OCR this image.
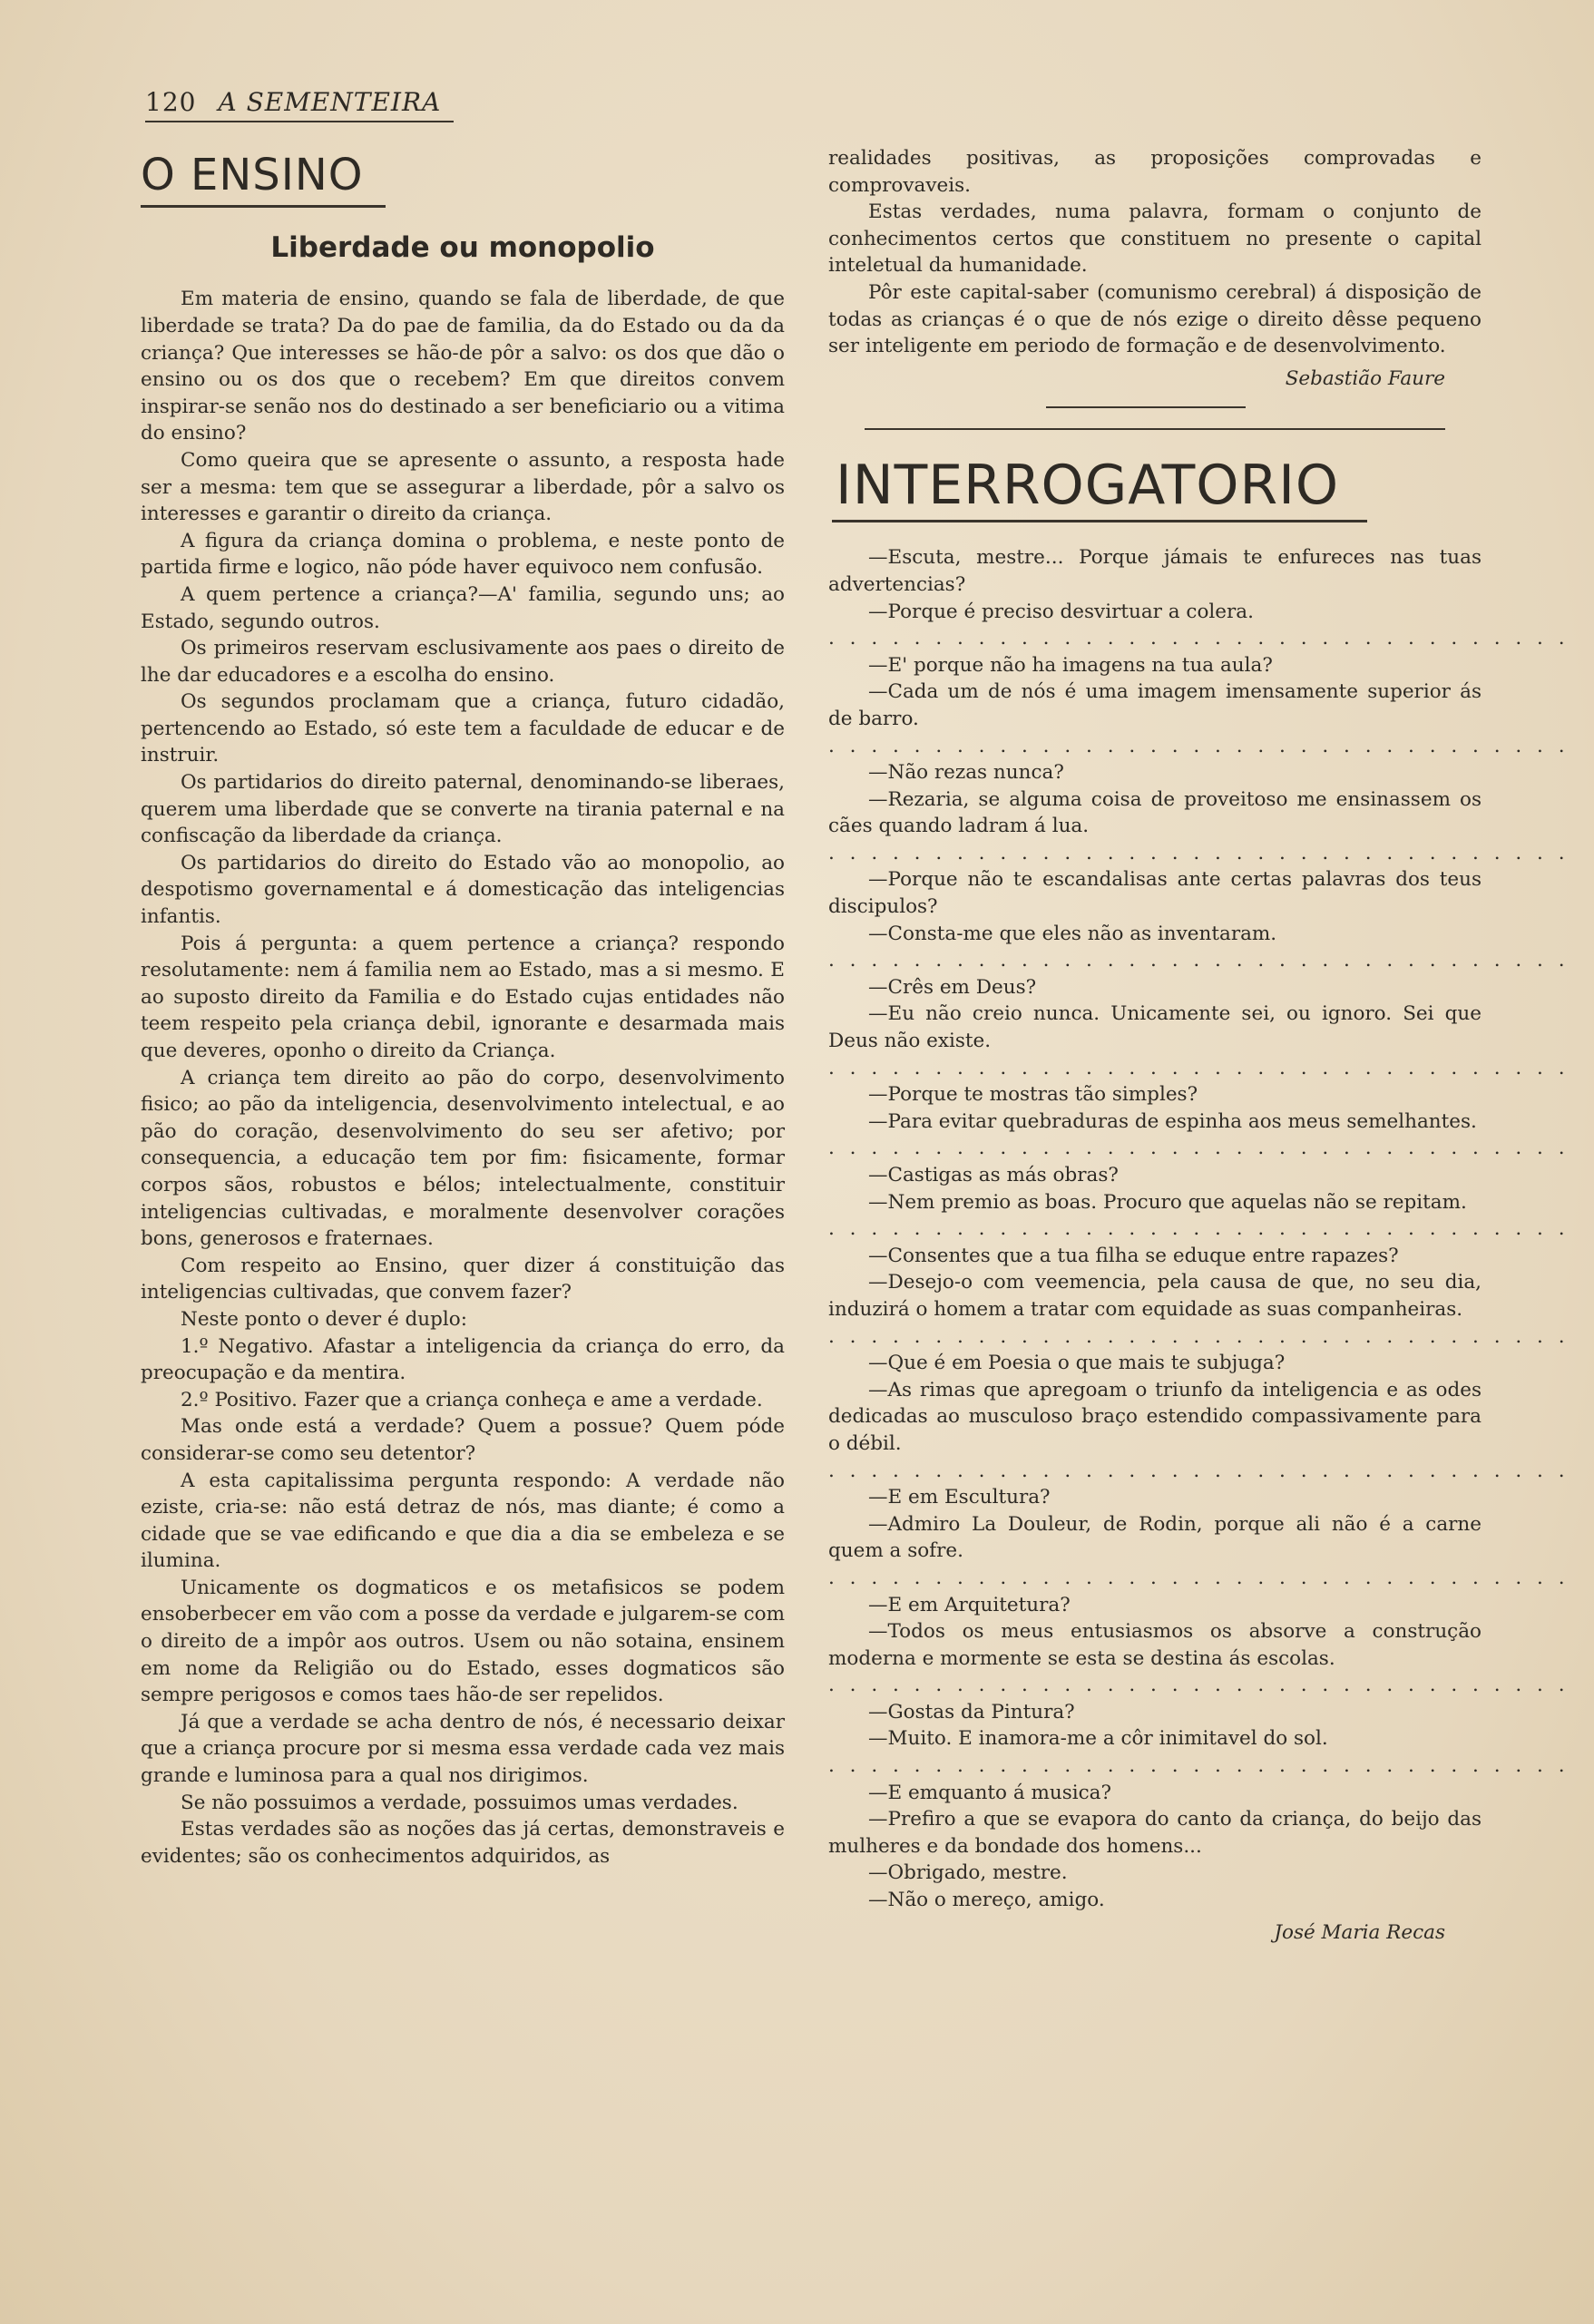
120 A SEMENTEIRA
O ENSINO
Liberdade ou monopolio

Em materia de ensino, quando se fala de liberdade, de que liberdade se trata? Da do pae de familia, da do Estado ou da da criança? Que interesses se hão-de pôr a salvo: os dos que dão o ensino ou os dos que o recebem? Em que direitos convem inspirar-se senão nos do destinado a ser beneficiario ou a vitima do ensino?

Como queira que se apresente o assunto, a resposta hade ser a mesma: tem que se assegurar a liberdade, pôr a salvo os interesses e garantir o direito da criança.

A figura da criança domina o problema, e neste ponto de partida firme e logico, não póde haver equivoco nem confusão.

A quem pertence a criança?—A' familia, segundo uns; ao Estado, segundo outros.

Os primeiros reservam esclusivamente aos paes o direito de lhe dar educadores e a escolha do ensino.

Os segundos proclamam que a criança, futuro cidadão, pertencendo ao Estado, só este tem a faculdade de educar e de instruir.

Os partidarios do direito paternal, denominando-se liberaes, querem uma liberdade que se converte na tirania paternal e na confiscação da liberdade da criança.

Os partidarios do direito do Estado vão ao monopolio, ao despotismo governamental e á domesticação das inteligencias infantis.

Pois á pergunta: a quem pertence a criança? respondo resolutamente: nem á familia nem ao Estado, mas a si mesmo. E ao suposto direito da Familia e do Estado cujas entidades não teem respeito pela criança debil, ignorante e desarmada mais que deveres, oponho o direito da Criança.

A criança tem direito ao pão do corpo, desenvolvimento fisico; ao pão da inteligencia, desenvolvimento intelectual, e ao pão do coração, desenvolvimento do seu ser afetivo; por consequencia, a educação tem por fim: fisicamente, formar corpos sãos, robustos e bélos; intelectualmente, constituir inteligencias cultivadas, e moralmente desenvolver corações bons, generosos e fraternaes.

Com respeito ao Ensino, quer dizer á constituição das inteligencias cultivadas, que convem fazer?

Neste ponto o dever é duplo:

1.º Negativo. Afastar a inteligencia da criança do erro, da preocupação e da mentira.

2.º Positivo. Fazer que a criança conheça e ame a verdade.

Mas onde está a verdade? Quem a possue? Quem póde considerar-se como seu detentor?

A esta capitalissima pergunta respondo: A verdade não eziste, cria-se: não está detraz de nós, mas diante; é como a cidade que se vae edificando e que dia a dia se embeleza e se ilumina.

Unicamente os dogmaticos e os metafisicos se podem ensoberbecer em vão com a posse da verdade e julgarem-se com o direito de a impôr aos outros. Usem ou não sotaina, ensinem em nome da Religião ou do Estado, esses dogmaticos são sempre perigosos e comos taes hão-de ser repelidos.

Já que a verdade se acha dentro de nós, é necessario deixar que a criança procure por si mesma essa verdade cada vez mais grande e luminosa para a qual nos dirigimos.

Se não possuimos a verdade, possuimos umas verdades.

Estas verdades são as noções das já certas, demonstraveis e evidentes; são os conhecimentos adquiridos, as

realidades positivas, as proposições comprovadas e comprovaveis.

Estas verdades, numa palavra, formam o conjunto de conhecimentos certos que constituem no presente o capital inteletual da humanidade.

Pôr este capital-saber (comunismo cerebral) á disposição de todas as crianças é o que de nós ezige o direito dêsse pequeno ser inteligente em periodo de formação e de desenvolvimento.

Sebastião Faure
INTERROGATORIO

—Escuta, mestre... Porque jámais te enfureces nas tuas advertencias?

—Porque é preciso desvirtuar a colera.

. . . . . . . . . . . . . . . . . . . . . . . . . . . . . . . . . . .

—E' porque não ha imagens na tua aula?

—Cada um de nós é uma imagem imensamente superior ás de barro.

. . . . . . . . . . . . . . . . . . . . . . . . . . . . . . . . . . .

—Não rezas nunca?

—Rezaria, se alguma coisa de proveitoso me ensinassem os cães quando ladram á lua.

. . . . . . . . . . . . . . . . . . . . . . . . . . . . . . . . . . .

—Porque não te escandalisas ante certas palavras dos teus discipulos?

—Consta-me que eles não as inventaram.

. . . . . . . . . . . . . . . . . . . . . . . . . . . . . . . . . . .

—Crês em Deus?

—Eu não creio nunca. Unicamente sei, ou ignoro. Sei que Deus não existe.

. . . . . . . . . . . . . . . . . . . . . . . . . . . . . . . . . . .

—Porque te mostras tão simples?

—Para evitar quebraduras de espinha aos meus semelhantes.

. . . . . . . . . . . . . . . . . . . . . . . . . . . . . . . . . . .

—Castigas as más obras?

—Nem premio as boas. Procuro que aquelas não se repitam.

. . . . . . . . . . . . . . . . . . . . . . . . . . . . . . . . . . .

—Consentes que a tua filha se eduque entre rapazes?

—Desejo-o com veemencia, pela causa de que, no seu dia, induzirá o homem a tratar com equidade as suas companheiras.

. . . . . . . . . . . . . . . . . . . . . . . . . . . . . . . . . . .

—Que é em Poesia o que mais te subjuga?

—As rimas que apregoam o triunfo da inteligencia e as odes dedicadas ao musculoso braço estendido compassivamente para o débil.

. . . . . . . . . . . . . . . . . . . . . . . . . . . . . . . . . . .

—E em Escultura?

—Admiro La Douleur, de Rodin, porque ali não é a carne quem a sofre.

. . . . . . . . . . . . . . . . . . . . . . . . . . . . . . . . . . .

—E em Arquitetura?

—Todos os meus entusiasmos os absorve a construção moderna e mormente se esta se destina ás escolas.

. . . . . . . . . . . . . . . . . . . . . . . . . . . . . . . . . . .

—Gostas da Pintura?

—Muito. E inamora-me a côr inimitavel do sol.

. . . . . . . . . . . . . . . . . . . . . . . . . . . . . . . . . . .

—E emquanto á musica?

—Prefiro a que se evapora do canto da criança, do beijo das mulheres e da bondade dos homens...

—Obrigado, mestre.

—Não o mereço, amigo.

José Maria Recas
